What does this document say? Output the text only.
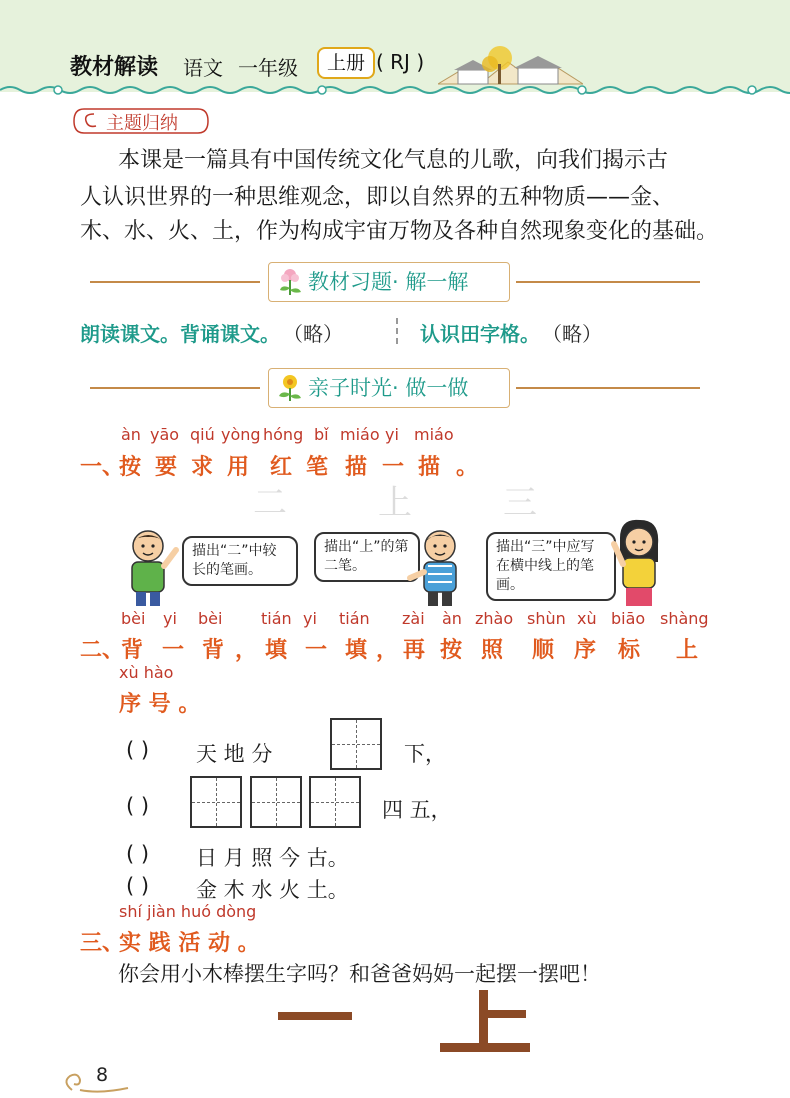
教材解读 语文 一年级	上册 ( RJ )
主题归纳
本课是一篇具有中国传统文化气息的儿歌，向我们揭示古
人认识世界的一种思维观念，即以自然界的五种物质——金、
木、水、火、土，作为构成宇宙万物及各种自然现象变化的基础。
教材习题· 解一解
朗读课文。背诵课文。 （略）	认识田字格。 （略）
亲子时光· 做一做
àn yāo qiú yòng hóng bǐ miáo yi miáo
一、
按 要 求 用 红 笔 描 一 描 。
二	上	三
描出“二”中较长的笔画。
描出“上”的第二笔。
描出“三”中应写在横中线上的笔画。
bèi yi bèi tián yi tián zài àn zhào shùn xù biāo shàng
二、
背 一 背 ， 填 一 填 ， 再 按 照 顺 序 标 上
xù hào
序 号 。
( ) 天 地 分	下，
( )	四 五，
( ) 日 月 照 今 古。
( ) 金 木 水 火 土。
shí jiàn huó dòng
三、
实 践 活 动 。
你会用小木棒摆生字吗？和爸爸妈妈一起摆一摆吧！
8
